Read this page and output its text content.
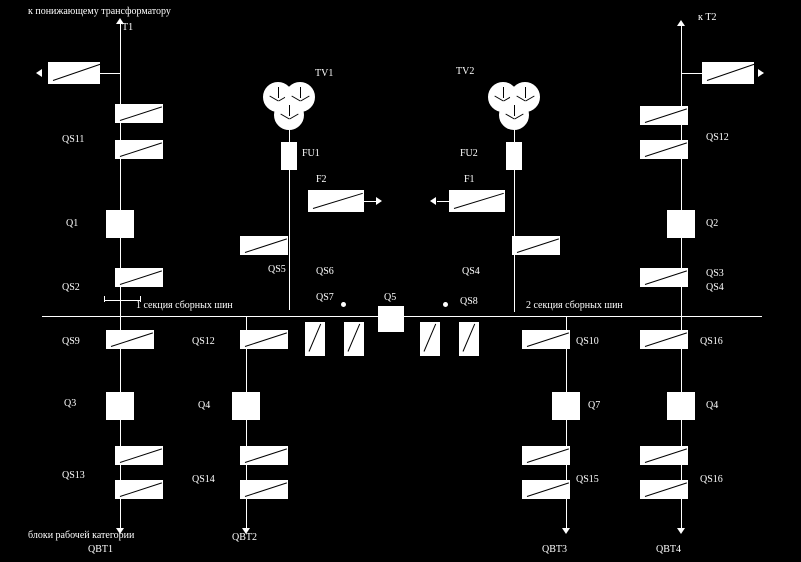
к понижающему трансформатору
к Т2
Т1
Т1
QS11
Q1
QS2
Т2
QS12
Q2
QS4
TV1
FU1
F2
QS5	QS6
TV2
FU2
F1
QS4
QS8
1 секция сборных шин	2 секция сборных шин
QS7	Q5
QS9
Q3
QS13
блоки рабочей категории
QBT1
QS12
Q4
QS14
QBT2
QS10
Q7
QS15
QBT3
QS16
Q4
QS16
QBT4
QS3
